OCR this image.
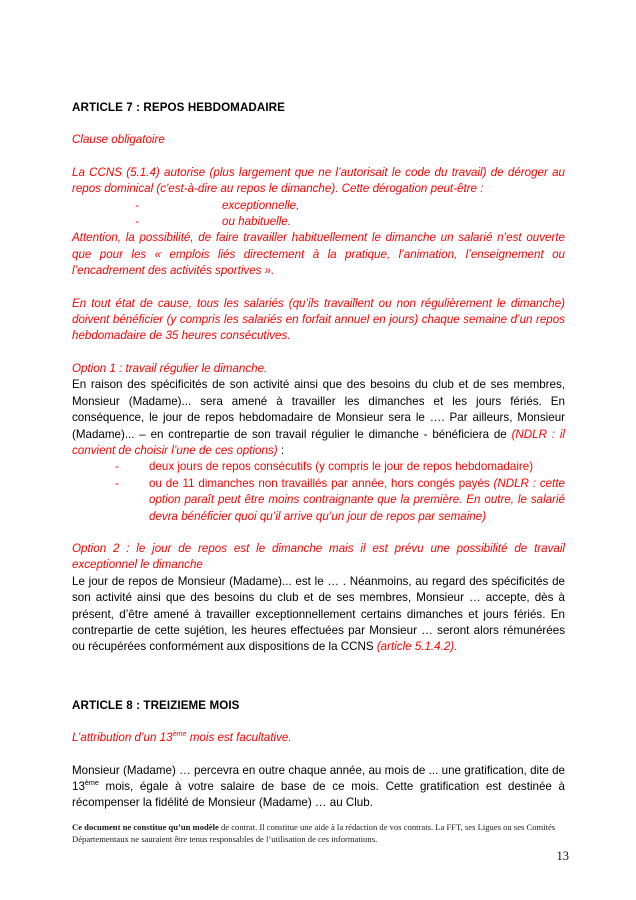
ARTICLE 7 : REPOS HEBDOMADAIRE

Clause obligatoire

La CCNS (5.1.4) autorise (plus largement que ne l’autorisait le code du travail) de déroger au repos dominical (c'est-à-dire au repos le dimanche). Cette dérogation peut-être :

-	exceptionnelle,
-	ou habituelle.

Attention, la possibilité, de faire travailler habituellement le dimanche un salarié n’est ouverte que pour les « emplois liés directement à la pratique, l’animation, l’enseignement ou l’encadrement des activités sportives ».

En tout état de cause, tous les salariés (qu’ils travaillent ou non régulièrement le dimanche) doivent bénéficier (y compris les salariés en forfait annuel en jours) chaque semaine d’un repos hebdomadaire de 35 heures consécutives.

Option 1 : travail régulier le dimanche.

En raison des spécificités de son activité ainsi que des besoins du club et de ses membres, Monsieur (Madame)... sera amené à travailler les dimanches et les jours fériés. En conséquence, le jour de repos hebdomadaire de Monsieur sera le …. Par ailleurs, Monsieur (Madame)... – en contrepartie de son travail régulier le dimanche - bénéficiera de (NDLR : il convient de choisir l’une de ces options) :

-	deux jours de repos consécutifs (y compris le jour de repos hebdomadaire)
-	ou de 11 dimanches non travaillés par année, hors congés payés (NDLR : cette option paraît peut être moins contraignante que la première. En outre, le salarié devra bénéficier quoi qu’il arrive qu’un jour de repos par semaine)

Option 2 : le jour de repos est le dimanche mais il est prévu une possibilité de travail exceptionnel le dimanche

Le jour de repos de Monsieur (Madame)... est le … . Néanmoins, au regard des spécificités de son activité ainsi que des besoins du club et de ses membres, Monsieur … accepte, dès à présent, d’être amené à travailler exceptionnellement certains dimanches et jours fériés. En contrepartie de cette sujétion, les heures effectuées par Monsieur … seront alors rémunérées ou récupérées conformément aux dispositions de la CCNS (article 5.1.4.2).

ARTICLE 8 : TREIZIEME MOIS

L’attribution d’un 13ème mois est facultative.

Monsieur (Madame) … percevra en outre chaque année, au mois de ... une gratification, dite de 13ème mois, égale à votre salaire de base de ce mois. Cette gratification est destinée à récompenser la fidélité de Monsieur (Madame) … au Club.

Ce document ne constitue qu’un modèle de contrat. Il constitue une aide à la rédaction de vos contrats. La FFT, ses Ligues ou ses Comités Départementaux ne sauraient être tenus responsables de l’utilisation de ces informations.

13
